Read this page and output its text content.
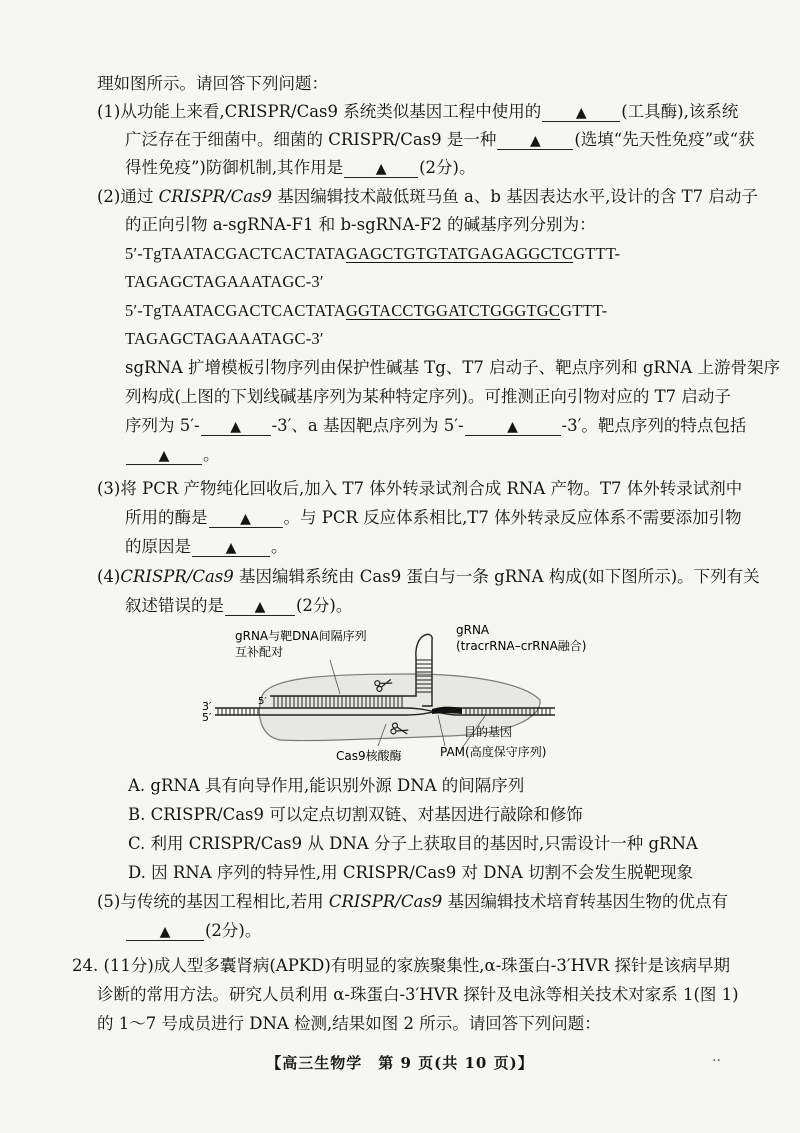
理如图所示。请回答下列问题：
(1)从功能上来看,CRISPR/Cas9 系统类似基因工程中使用的 ▲ (工具酶),该系统
广泛存在于细菌中。细菌的 CRISPR/Cas9 是一种 ▲ (选填“先天性免疫”或“获
得性免疫”)防御机制,其作用是 ▲ (2分)。
(2)通过 CRISPR/Cas9 基因编辑技术敲低斑马鱼 a、b 基因表达水平,设计的含 T7 启动子
的正向引物 a-sgRNA-F1 和 b-sgRNA-F2 的碱基序列分别为：
5′-TgTAATACGACTCACTATAGAGCTGTGTATGAGAGGCTCGTTT-
TAGAGCTAGAAATAGC-3′
5′-TgTAATACGACTCACTATAGGTACCTGGATCTGGGTGCGTTT-
TAGAGCTAGAAATAGC-3′
sgRNA 扩增模板引物序列由保护性碱基 Tg、T7 启动子、靶点序列和 gRNA 上游骨架序
列构成(上图的下划线碱基序列为某种特定序列)。可推测正向引物对应的 T7 启动子
序列为 5′- ▲ -3′、a 基因靶点序列为 5′-	▲	-3′。靶点序列的特点包括
▲ 。
(3)将 PCR 产物纯化回收后,加入 T7 体外转录试剂合成 RNA 产物。T7 体外转录试剂中
所用的酶是 ▲ 。与 PCR 反应体系相比,T7 体外转录反应体系不需要添加引物
的原因是 ▲ 。
(4)CRISPR/Cas9 基因编辑系统由 Cas9 蛋白与一条 gRNA 构成(如下图所示)。下列有关
叙述错误的是 ▲ (2分)。
gRNA与靶DNA间隔序列
互补配对
gRNA
(tracrRNA–crRNA融合)
3′
5′
5′
目的基因
Cas9核酸酶	PAM(高度保守序列)
A. gRNA 具有向导作用,能识别外源 DNA 的间隔序列
B. CRISPR/Cas9 可以定点切割双链、对基因进行敲除和修饰
C. 利用 CRISPR/Cas9 从 DNA 分子上获取目的基因时,只需设计一种 gRNA
D. 因 RNA 序列的特异性,用 CRISPR/Cas9 对 DNA 切割不会发生脱靶现象
(5)与传统的基因工程相比,若用 CRISPR/Cas9 基因编辑技术培育转基因生物的优点有
▲ (2分)。
24. (11分)成人型多囊肾病(APKD)有明显的家族聚集性,α-珠蛋白-3′HVR 探针是该病早期
诊断的常用方法。研究人员利用 α-珠蛋白-3′HVR 探针及电泳等相关技术对家系 1(图 1)
的 1～7 号成员进行 DNA 检测,结果如图 2 所示。请回答下列问题：
【高三生物学　第 9 页(共 10 页)】	··
